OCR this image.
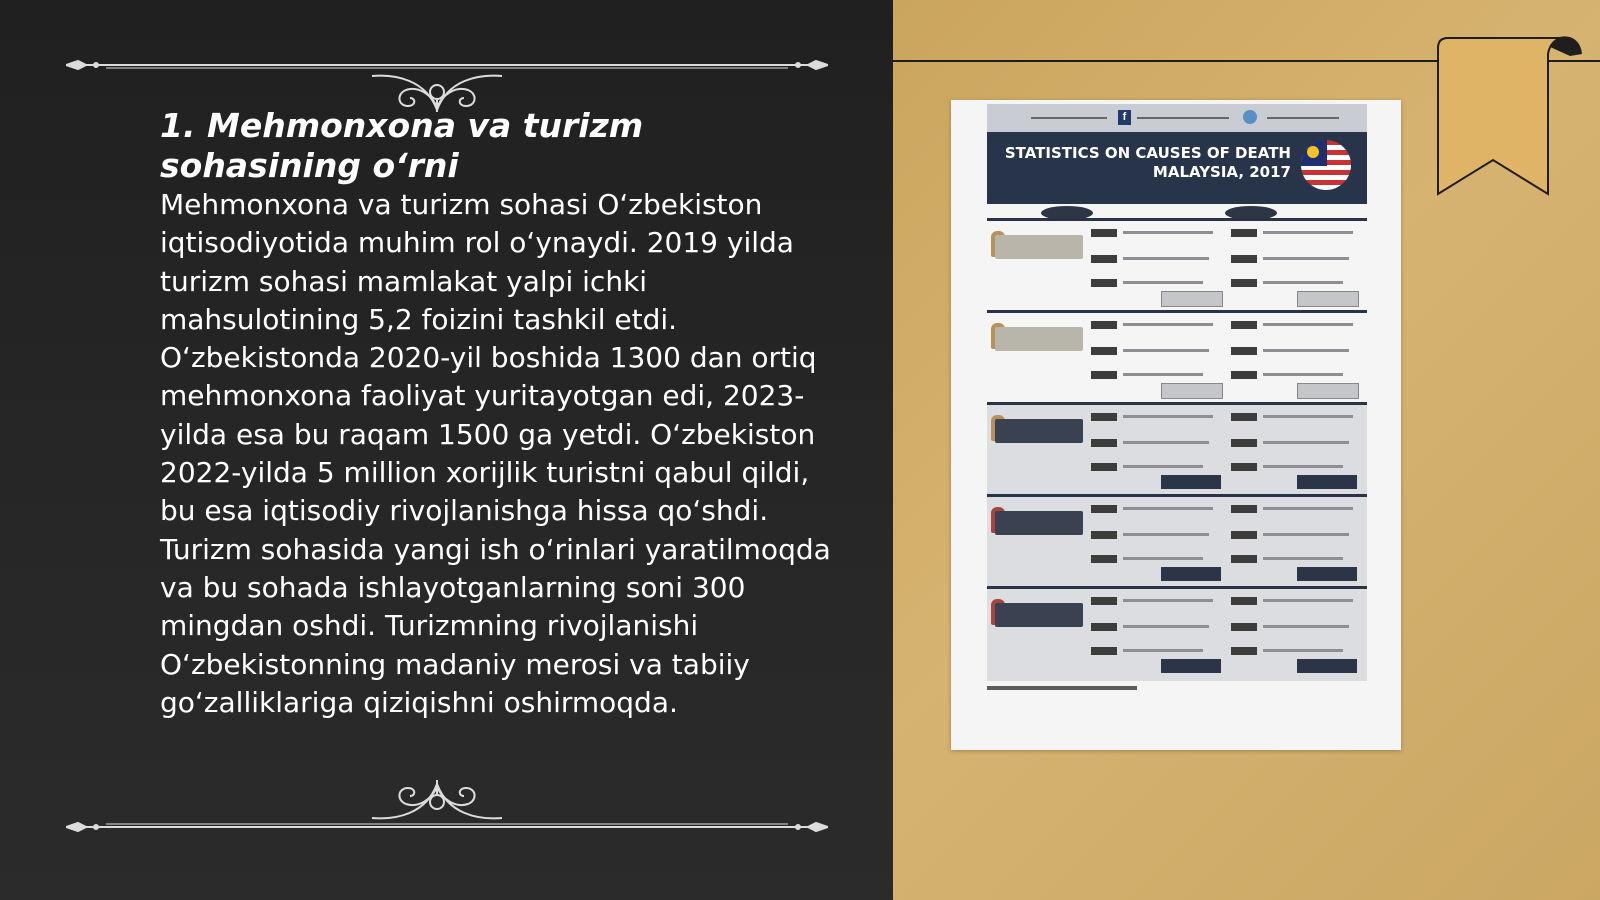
1. Mehmonxona va turizm sohasining o‘rni

Mehmonxona va turizm sohasi O‘zbekiston iqtisodiyotida muhim rol o‘ynaydi. 2019 yilda turizm sohasi mamlakat yalpi ichki mahsulotining 5,2 foizini tashkil etdi. O‘zbekistonda 2020-yil boshida 1300 dan ortiq mehmonxona faoliyat yuritayotgan edi, 2023-yilda esa bu raqam 1500 ga yetdi. O‘zbekiston 2022-yilda 5 million xorijlik turistni qabul qildi, bu esa iqtisodiy rivojlanishga hissa qo‘shdi. Turizm sohasida yangi ish o‘rinlari yaratilmoqda va bu sohada ishlayotganlarning soni 300 mingdan oshdi. Turizmning rivojlanishi O‘zbekistonning madaniy merosi va tabiiy go‘zalliklariga qiziqishni oshirmoqda.

f

STATISTICS ON CAUSES OF DEATH MALAYSIA, 2017
